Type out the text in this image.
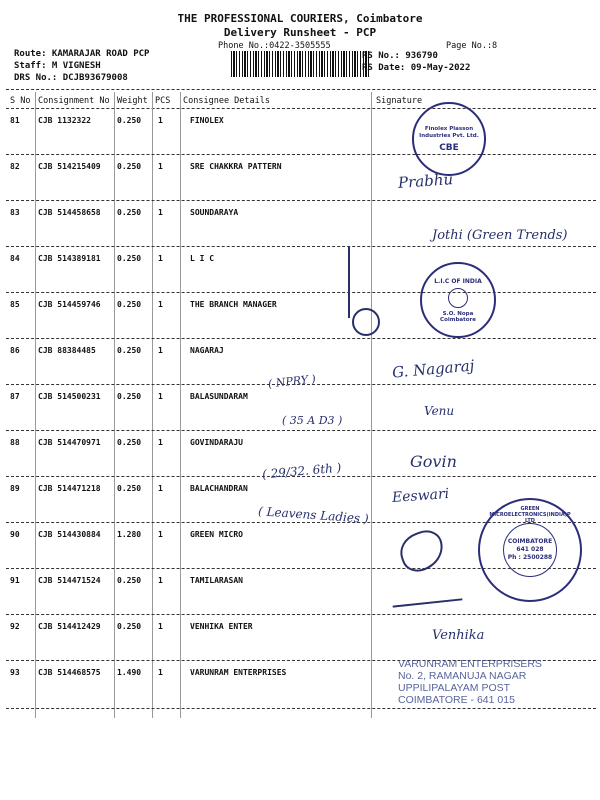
THE PROFESSIONAL COURIERS, Coimbatore
Delivery Runsheet - PCP
Phone No.:0422-3505555	Page No.:8
Route: KAMARAJAR ROAD PCP
Staff: M VIGNESH
DRS No.: DCJB93679008
RS No.: 936790
RS Date: 09-May-2022
S No Consignment No Weight PCS Consignee Details	Signature
81 CJB 1132322	0.250 1	FINOLEX
82 CJB 514215409 0.250 1	SRE CHAKKRA PATTERN
83 CJB 514458658 0.250 1	SOUNDARAYA
84 CJB 514389181 0.250 1	L I C
85 CJB 514459746 0.250 1	THE BRANCH MANAGER
86 CJB 88384485	0.250 1	NAGARAJ
87 CJB 514500231 0.250 1	BALASUNDARAM
88 CJB 514470971 0.250 1	GOVINDARAJU
89 CJB 514471218 0.250 1	BALACHANDRAN
90 CJB 514430884 1.280 1	GREEN MICRO
91 CJB 514471524 0.250 1	TAMILARASAN
92 CJB 514412429 0.250 1	VENHIKA ENTER
93 CJB 514468575 1.490 1	VARUNRAM ENTERPRISES
Finolex Plasson Industries Pvt. Ltd.
CBE
L.I.C OF INDIA
S.O. Nopa Coimbatore
GREEN MICROELECTRONICS(INDIA)P LTD
COIMBATORE
641 028
Ph : 2500288
VARUNRAM ENTERPRISERS
No. 2, RAMANUJA NAGAR
UPPILIPALAYAM POST
COIMBATORE - 641 015
Prabhu
Jothi (Green Trends)
G. Nagaraj
( NPRY )
( 35 A D3 )
Venu
( 29/32. 6th )	Govin
Eeswari
( Leavens Ladies )
Venhika
